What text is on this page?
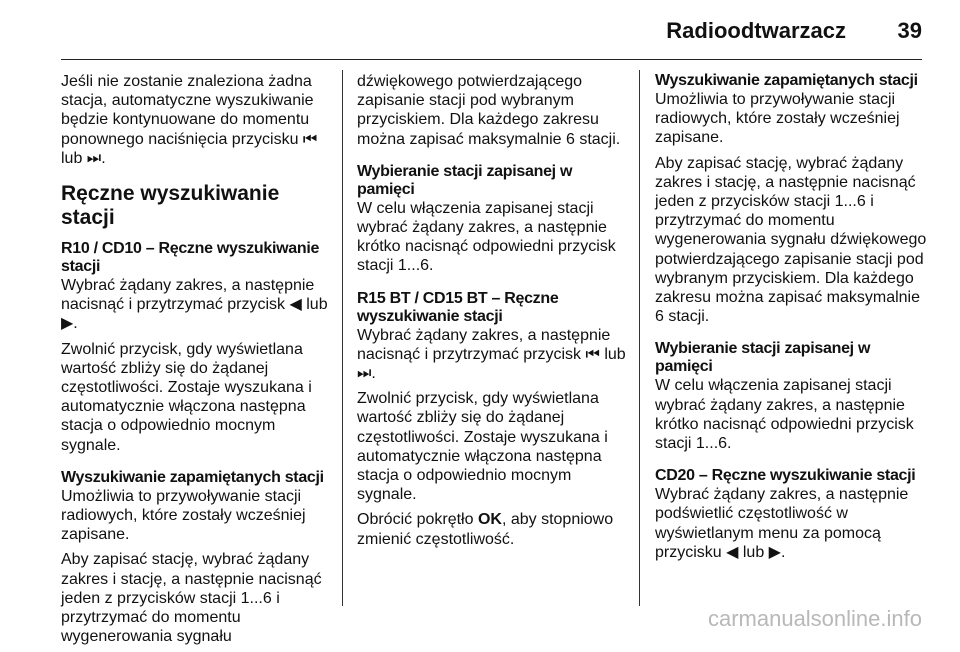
Radioodtwarzacz 39

Jeśli nie zostanie znaleziona żadna stacja, automatyczne wyszukiwanie będzie kontynuowane do momentu ponownego naciśnięcia przycisku ⏮ lub ⏭.

Ręczne wyszukiwanie stacji
R10 / CD10 – Ręczne wyszukiwanie stacji

Wybrać żądany zakres, a następnie nacisnąć i przytrzymać przycisk ◀ lub ▶.

Zwolnić przycisk, gdy wyświetlana wartość zbliży się do żądanej częstotliwości. Zostaje wyszukana i automatycznie włączona następna stacja o odpowiednio mocnym sygnale.

Wyszukiwanie zapamiętanych stacji

Umożliwia to przywoływanie stacji radiowych, które zostały wcześniej zapisane.

Aby zapisać stację, wybrać żądany zakres i stację, a następnie nacisnąć jeden z przycisków stacji 1...6 i przytrzymać do momentu wygenerowania sygnału

dźwiękowego potwierdzającego zapisanie stacji pod wybranym przyciskiem. Dla każdego zakresu można zapisać maksymalnie 6 stacji.

Wybieranie stacji zapisanej w pamięci

W celu włączenia zapisanej stacji wybrać żądany zakres, a następnie krótko nacisnąć odpowiedni przycisk stacji 1...6.

R15 BT / CD15 BT – Ręczne wyszukiwanie stacji

Wybrać żądany zakres, a następnie nacisnąć i przytrzymać przycisk ⏮ lub ⏭.

Zwolnić przycisk, gdy wyświetlana wartość zbliży się do żądanej częstotliwości. Zostaje wyszukana i automatycznie włączona następna stacja o odpowiednio mocnym sygnale.

Obrócić pokrętło OK, aby stopniowo zmienić częstotliwość.

Wyszukiwanie zapamiętanych stacji

Umożliwia to przywoływanie stacji radiowych, które zostały wcześniej zapisane.

Aby zapisać stację, wybrać żądany zakres i stację, a następnie nacisnąć jeden z przycisków stacji 1...6 i przytrzymać do momentu wygenerowania sygnału dźwiękowego potwierdzającego zapisanie stacji pod wybranym przyciskiem. Dla każdego zakresu można zapisać maksymalnie 6 stacji.

Wybieranie stacji zapisanej w pamięci

W celu włączenia zapisanej stacji wybrać żądany zakres, a następnie krótko nacisnąć odpowiedni przycisk stacji 1...6.

CD20 – Ręczne wyszukiwanie stacji

Wybrać żądany zakres, a następnie podświetlić częstotliwość w wyświetlanym menu za pomocą przycisku ◀ lub ▶.

carmanualsonline.info
